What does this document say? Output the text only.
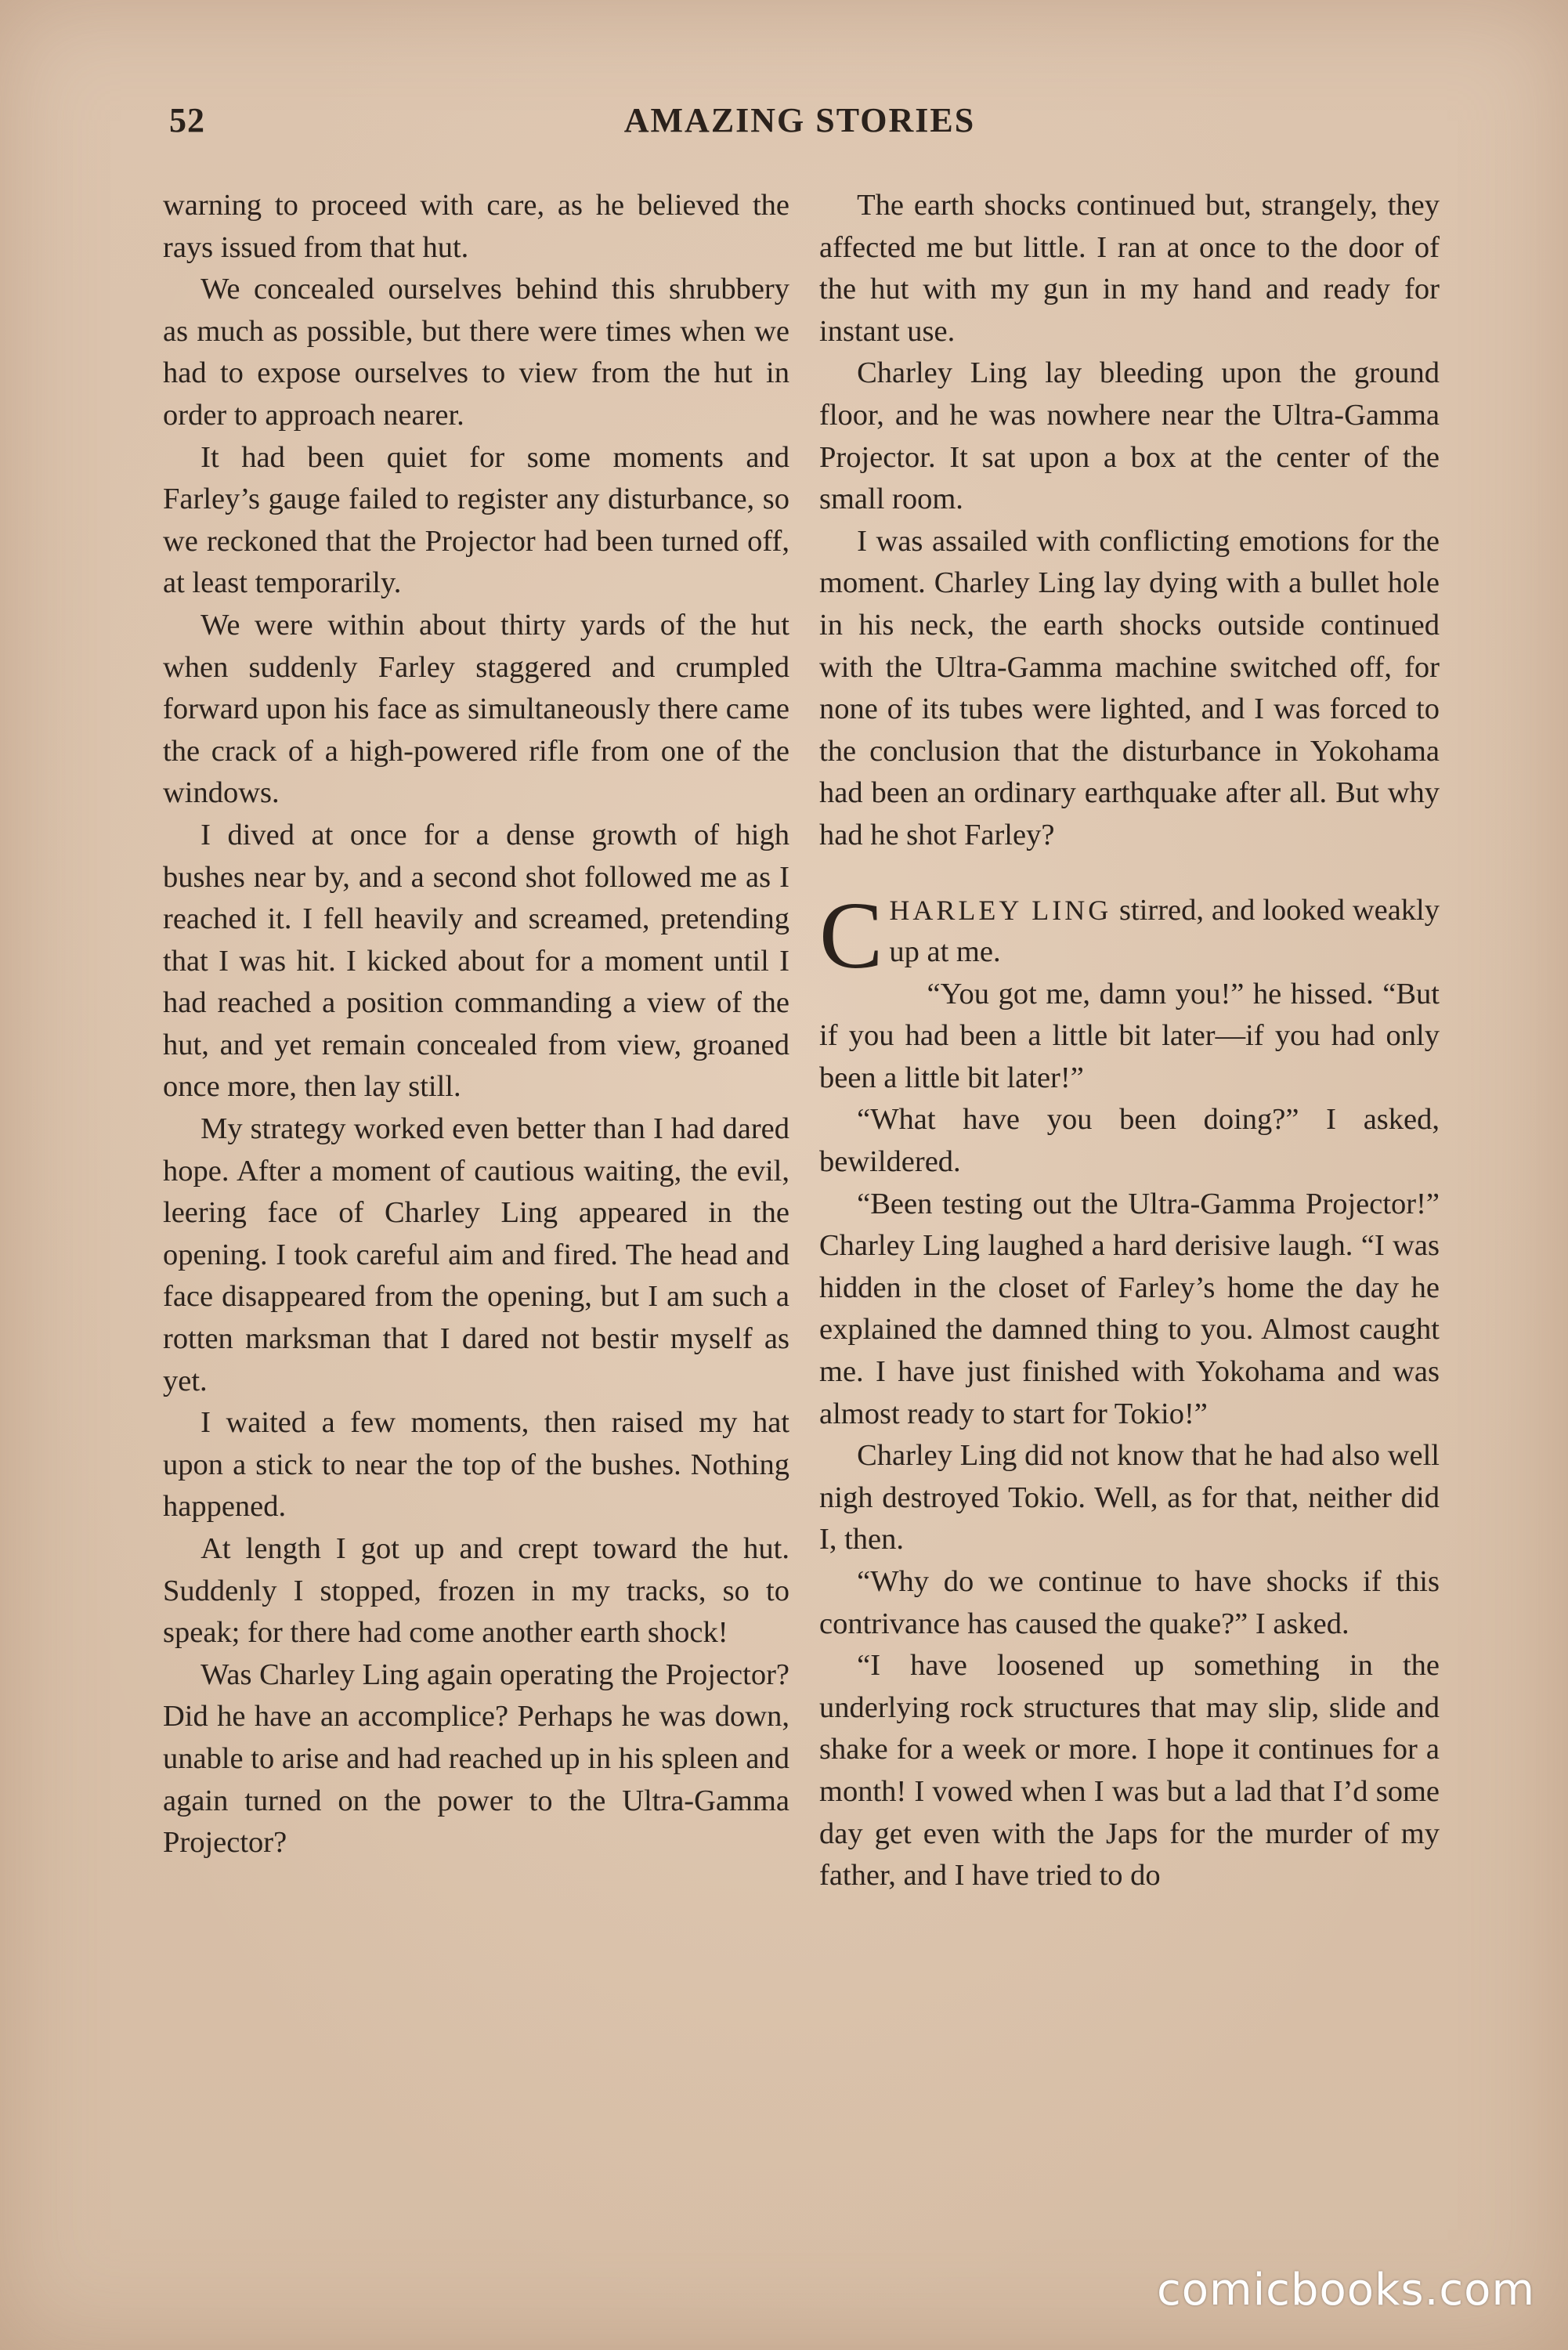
52	AMAZING STORIES

warning to proceed with care, as he believed the rays issued from that hut.

We concealed ourselves behind this shrubbery as much as possible, but there were times when we had to expose ourselves to view from the hut in order to approach nearer.

It had been quiet for some moments and Farley’s gauge failed to register any disturbance, so we reckoned that the Projector had been turned off, at least temporarily.

We were within about thirty yards of the hut when suddenly Farley staggered and crumpled forward upon his face as simultaneously there came the crack of a high-powered rifle from one of the windows.

I dived at once for a dense growth of high bushes near by, and a second shot followed me as I reached it. I fell heavily and screamed, pretending that I was hit. I kicked about for a moment until I had reached a position commanding a view of the hut, and yet remain concealed from view, groaned once more, then lay still.

My strategy worked even better than I had dared hope. After a moment of cautious waiting, the evil, leering face of Charley Ling appeared in the opening. I took careful aim and fired. The head and face disappeared from the opening, but I am such a rotten marksman that I dared not bestir myself as yet.

I waited a few moments, then raised my hat upon a stick to near the top of the bushes. Nothing happened.

At length I got up and crept toward the hut. Suddenly I stopped, frozen in my tracks, so to speak; for there had come another earth shock!

Was Charley Ling again operating the Projector? Did he have an accomplice? Perhaps he was down, unable to arise and had reached up in his spleen and again turned on the power to the Ultra-Gamma Projector?

The earth shocks continued but, strangely, they affected me but little. I ran at once to the door of the hut with my gun in my hand and ready for instant use.

Charley Ling lay bleeding upon the ground floor, and he was nowhere near the Ultra-Gamma Projector. It sat upon a box at the center of the small room.

I was assailed with conflicting emotions for the moment. Charley Ling lay dying with a bullet hole in his neck, the earth shocks outside continued with the Ultra-Gamma machine switched off, for none of its tubes were lighted, and I was forced to the conclusion that the disturbance in Yokohama had been an ordinary earthquake after all. But why had he shot Farley?

CHARLEY LING stirred, and looked weakly up at me.

“You got me, damn you!” he hissed. “But if you had been a little bit later—if you had only been a little bit later!”

“What have you been doing?” I asked, bewildered.

“Been testing out the Ultra-Gamma Projector!” Charley Ling laughed a hard derisive laugh. “I was hidden in the closet of Farley’s home the day he explained the damned thing to you. Almost caught me. I have just finished with Yokohama and was almost ready to start for Tokio!”

Charley Ling did not know that he had also well nigh destroyed Tokio. Well, as for that, neither did I, then.

“Why do we continue to have shocks if this contrivance has caused the quake?” I asked.

“I have loosened up something in the underlying rock structures that may slip, slide and shake for a week or more. I hope it continues for a month! I vowed when I was but a lad that I’d some day get even with the Japs for the murder of my father, and I have tried to do

comicbooks.com
